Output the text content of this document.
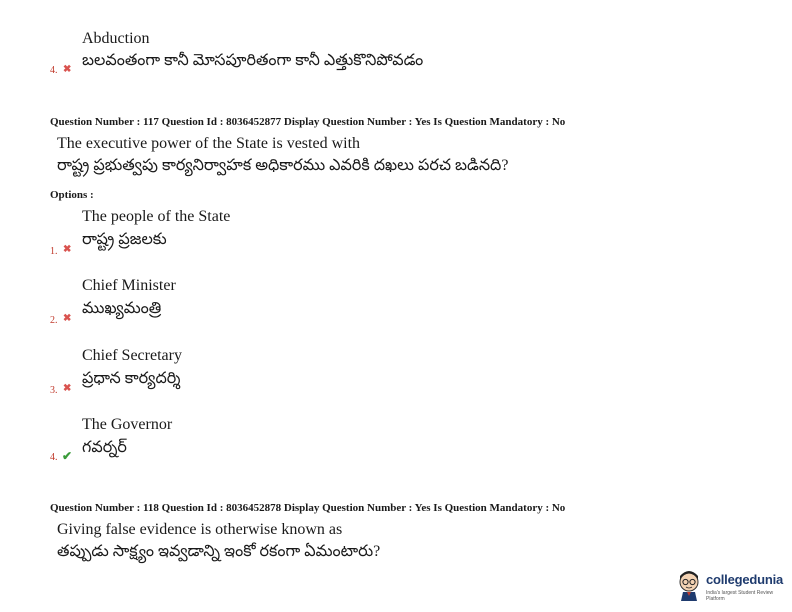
Abduction
బలవంతంగా కానీ మోసపూరితంగా కానీ ఎత్తుకొనిపోవడం
4. ✖
Question Number : 117 Question Id : 8036452877 Display Question Number : Yes Is Question Mandatory : No
The executive power of the State is vested with
రాష్ట్ర ప్రభుత్వపు కార్యనిర్వాహక అధికారము ఎవరికి దఖలు పరచ బడినది?
Options :
The people of the State
రాష్ట్ర ప్రజలకు
1. ✖
Chief Minister
ముఖ్యమంత్రి
2. ✖
Chief Secretary
ప్రధాన కార్యదర్శి
3. ✖
The Governor
గవర్నర్
4. ✔
Question Number : 118 Question Id : 8036452878 Display Question Number : Yes Is Question Mandatory : No
Giving false evidence is otherwise known as
తప్పుడు సాక్ష్యం ఇవ్వడాన్ని ఇంకో రకంగా ఏమంటారు?
collegedunia
India's largest Student Review Platform
